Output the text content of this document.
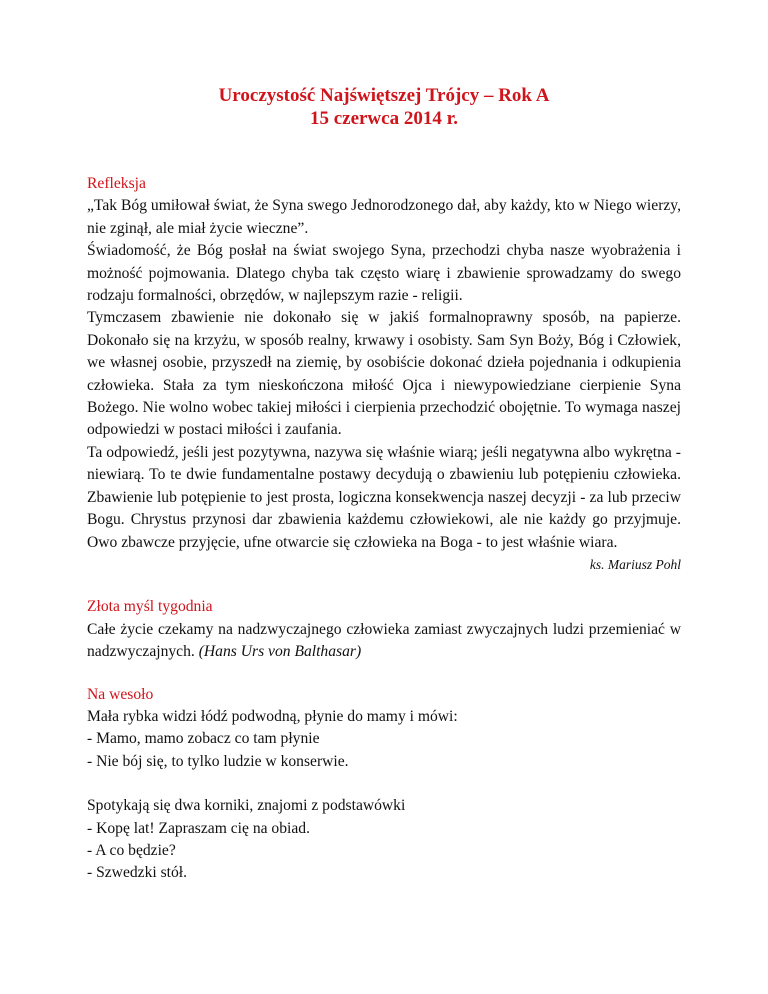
Uroczystość Najświętszej Trójcy – Rok A
15 czerwca 2014 r.

Refleksja

„Tak Bóg umiłował świat, że Syna swego Jednorodzonego dał, aby każdy, kto w Niego wierzy, nie zginął, ale miał życie wieczne”.

Świadomość, że Bóg posłał na świat swojego Syna, przechodzi chyba nasze wyobrażenia i możność pojmowania. Dlatego chyba tak często wiarę i zbawienie sprowadzamy do swego rodzaju formalności, obrzędów, w najlepszym razie - religii.

Tymczasem zbawienie nie dokonało się w jakiś formalnoprawny sposób, na papierze. Dokonało się na krzyżu, w sposób realny, krwawy i osobisty. Sam Syn Boży, Bóg i Człowiek, we własnej osobie, przyszedł na ziemię, by osobiście dokonać dzieła pojednania i odkupienia człowieka. Stała za tym nieskończona miłość Ojca i niewypowiedziane cierpienie Syna Bożego. Nie wolno wobec takiej miłości i cierpienia przechodzić obojętnie. To wymaga naszej odpowiedzi w postaci miłości i zaufania.

Ta odpowiedź, jeśli jest pozytywna, nazywa się właśnie wiarą; jeśli negatywna albo wykrętna - niewiarą. To te dwie fundamentalne postawy decydują o zbawieniu lub potępieniu człowieka. Zbawienie lub potępienie to jest prosta, logiczna konsekwencja naszej decyzji - za lub przeciw Bogu. Chrystus przynosi dar zbawienia każdemu człowiekowi, ale nie każdy go przyjmuje. Owo zbawcze przyjęcie, ufne otwarcie się człowieka na Boga - to jest właśnie wiara.

ks. Mariusz Pohl

Złota myśl tygodnia

Całe życie czekamy na nadzwyczajnego człowieka zamiast zwyczajnych ludzi przemieniać w nadzwyczajnych. (Hans Urs von Balthasar)

Na wesoło

Mała rybka widzi łódź podwodną, płynie do mamy i mówi:
- Mamo, mamo zobacz co tam płynie
- Nie bój się, to tylko ludzie w konserwie.
Spotykają się dwa korniki, znajomi z podstawówki
- Kopę lat! Zapraszam cię na obiad.
- A co będzie?
- Szwedzki stół.
